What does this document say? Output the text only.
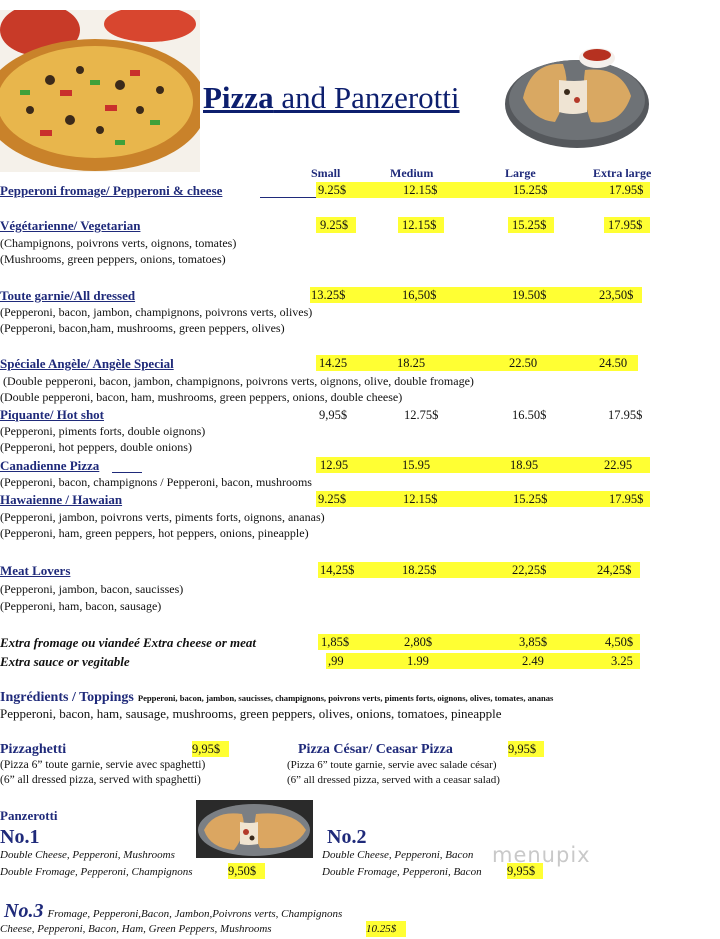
Pizza and Panzerotti
Small	Medium	Large	Extra large
Pepperoni fromage/ Pepperoni & cheese	9.25$	12.15$	15.25$	17.95$
Végétarienne/ Vegetarian	9.25$	12.15$	15.25$	17.95$
(Champignons, poivrons verts, oignons, tomates)
(Mushrooms, green peppers, onions, tomatoes)
Toute garnie/All dressed	13.25$	16,50$	19.50$	23,50$
(Pepperoni, bacon, jambon, champignons, poivrons verts, olives)
(Pepperoni, bacon,ham, mushrooms, green peppers, olives)
Spéciale Angèle/ Angèle Special	14.25	18.25	22.50	24.50
(Double pepperoni, bacon, jambon, champignons, poivrons verts, oignons, olive, double fromage)
(Double pepperoni, bacon, ham, mushrooms, green peppers, onions, double cheese)
Piquante/ Hot shot	9,95$	12.75$	16.50$	17.95$
(Pepperoni, piments forts, double oignons)
(Pepperoni, hot peppers, double onions)
Canadienne Pizza	12.95	15.95	18.95	22.95
(Pepperoni, bacon, champignons / Pepperoni, bacon, mushrooms
Hawaienne / Hawaian	9.25$	12.15$	15.25$	17.95$
(Pepperoni, jambon, poivrons verts, piments forts, oignons, ananas)
(Pepperoni, ham, green peppers, hot peppers, onions, pineapple)
Meat Lovers	14,25$	18.25$	22,25$	24,25$
(Pepperoni, jambon, bacon, saucisses)
(Pepperoni, ham, bacon, sausage)
Extra fromage ou viandeé Extra cheese or meat	1,85$	2,80$	3,85$	4,50$
Extra sauce or vegitable	,99	1.99	2.49	3.25
Ingrédients / Toppings Pepperoni, bacon, jambon, saucisses, champignons, poivrons verts, piments forts, oignons, olives, tomates, ananas
Pepperoni, bacon, ham, sausage, mushrooms, green peppers, olives, onions, tomatoes, pineapple
Pizzaghetti	9,95$
(Pizza 6” toute garnie, servie avec spaghetti)
(6” all dressed pizza, served with spaghetti)
Pizza César/ Ceasar Pizza	9,95$
(Pizza 6” toute garnie, servie avec salade césar)
(6” all dressed pizza, served with a ceasar salad)
Panzerotti
No.1
Double Cheese, Pepperoni, Mushrooms
Double Fromage, Pepperoni, Champignons	9,50$
No.2
Double Cheese, Pepperoni, Bacon
Double Fromage, Pepperoni, Bacon 9,95$
menupix
No.3 Fromage, Pepperoni,Bacon, Jambon,Poivrons verts, Champignons
Cheese, Pepperoni, Bacon, Ham, Green Peppers, Mushrooms	10.25$
